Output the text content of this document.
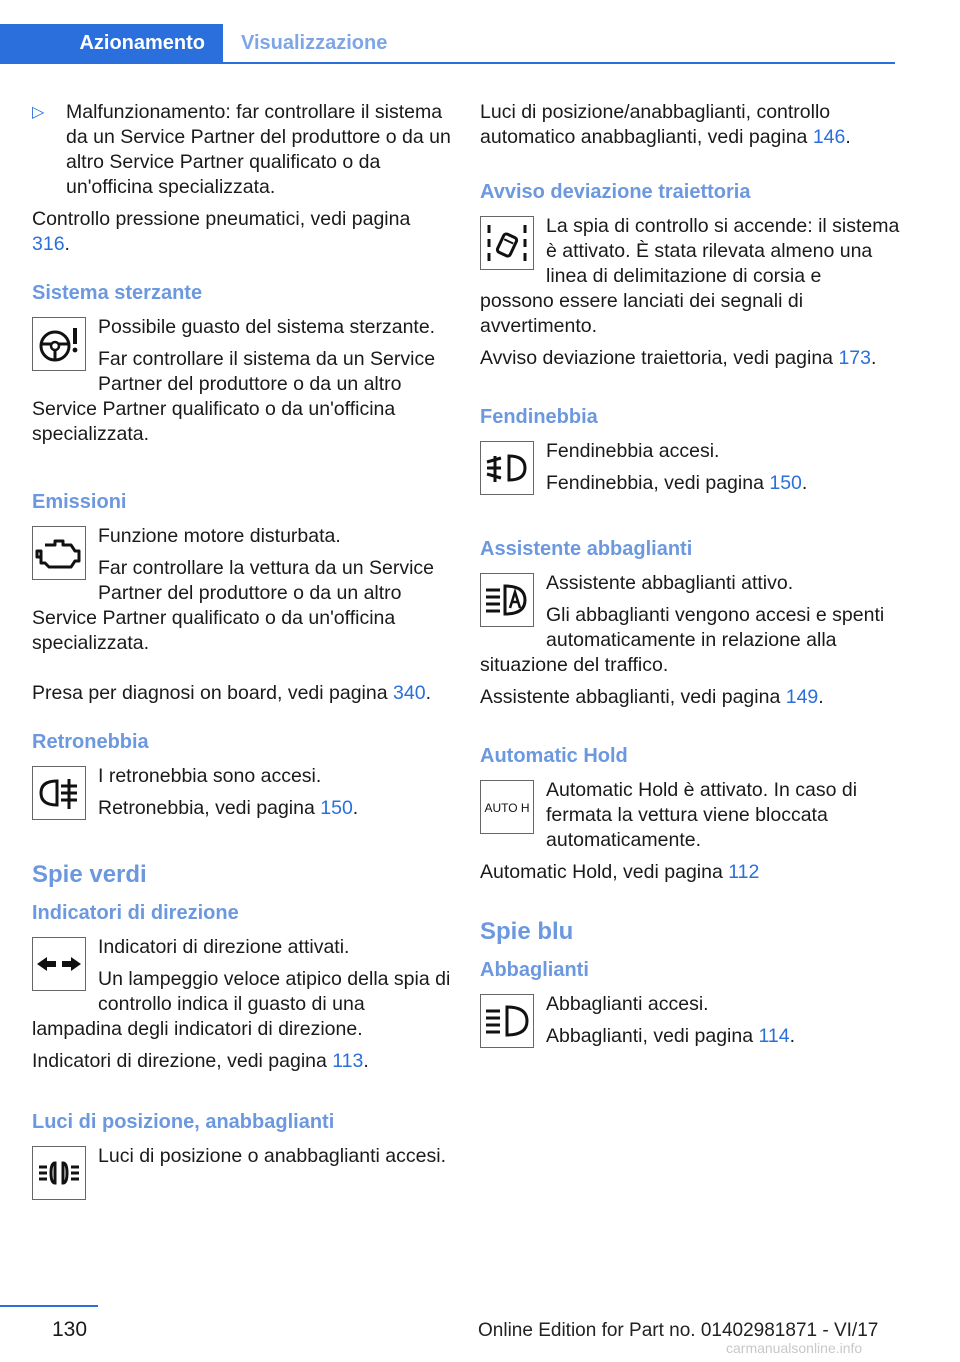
Azionamento	Visualizzazione

▷ Malfunzionamento: far controllare il sistema da un Service Partner del produttore o da un altro Service Partner qualificato o da un'officina specializzata.

Controllo pressione pneumatici, vedi pagina 316.

Sistema sterzante

Possibile guasto del sistema sterzante.

Far controllare il sistema da un Service Partner del produttore o da un altro Service Partner qualificato o da un'officina specializzata.

Emissioni

Funzione motore disturbata.

Far controllare la vettura da un Service Partner del produttore o da un altro Service Partner qualificato o da un'officina specializzata.

Presa per diagnosi on board, vedi pagina 340.

Retronebbia

I retronebbia sono accesi.

Retronebbia, vedi pagina 150.

Spie verdi
Indicatori di direzione

Indicatori di direzione attivati.

Un lampeggio veloce atipico della spia di controllo indica il guasto di una lampadina degli indicatori di direzione.

Indicatori di direzione, vedi pagina 113.

Luci di posizione, anabbaglianti

Luci di posizione o anabbaglianti accesi.

Luci di posizione/anabbaglianti, controllo automatico anabbaglianti, vedi pagina 146.

Avviso deviazione traiettoria

La spia di controllo si accende: il sistema è attivato. È stata rilevata almeno una linea di delimitazione di corsia e possono essere lanciati dei segnali di avvertimento.

Avviso deviazione traiettoria, vedi pagina 173.

Fendinebbia

Fendinebbia accesi.

Fendinebbia, vedi pagina 150.

Assistente abbaglianti

Assistente abbaglianti attivo.

Gli abbaglianti vengono accesi e spenti automaticamente in relazione alla situazione del traffico.

Assistente abbaglianti, vedi pagina 149.

Automatic Hold
AUTO H

Automatic Hold è attivato. In caso di fermata la vettura viene bloccata automaticamente.

Automatic Hold, vedi pagina 112

Spie blu
Abbaglianti

Abbaglianti accesi.

Abbaglianti, vedi pagina 114.

130	Online Edition for Part no. 01402981871 - VI/17
carmanualsonline.info
